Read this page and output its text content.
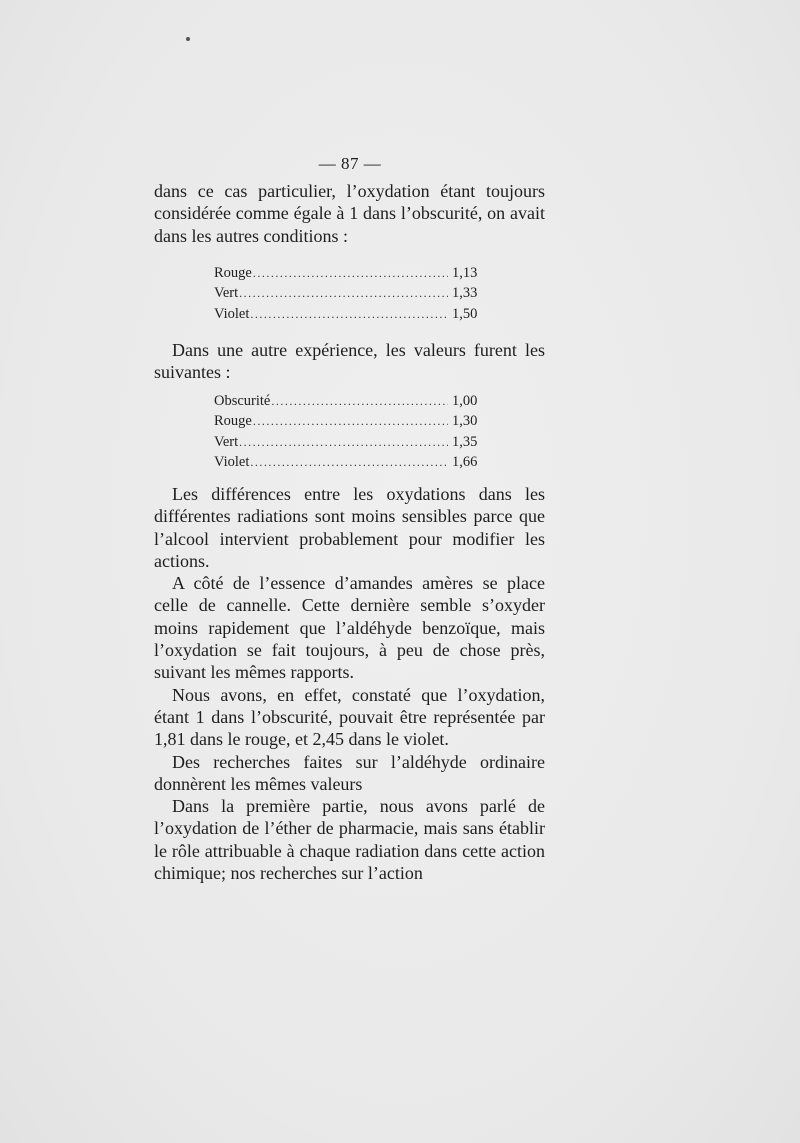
— 87 —

dans ce cas particulier, l’oxydation étant toujours considérée comme égale à 1 dans l’obscurité, on avait dans les autres conditions :

Rouge .....	1,13
Vert .....	1,33
Violet .....	1,50

Dans une autre expérience, les valeurs furent les suivantes :

Obscurité .....	1,00
Rouge .....	1,30
Vert .....	1,35
Violet .....	1,66

Les différences entre les oxydations dans les différentes radiations sont moins sensibles parce que l’alcool intervient probablement pour modifier les actions.

A côté de l’essence d’amandes amères se place celle de cannelle. Cette dernière semble s’oxyder moins rapidement que l’aldéhyde benzoïque, mais l’oxydation se fait toujours, à peu de chose près, suivant les mêmes rapports.

Nous avons, en effet, constaté que l’oxydation, étant 1 dans l’obscurité, pouvait être représentée par 1,81 dans le rouge, et 2,45 dans le violet.

Des recherches faites sur l’aldéhyde ordinaire donnèrent les mêmes valeurs

Dans la première partie, nous avons parlé de l’oxydation de l’éther de pharmacie, mais sans établir le rôle attribuable à chaque radiation dans cette action chimique; nos recherches sur l’action
